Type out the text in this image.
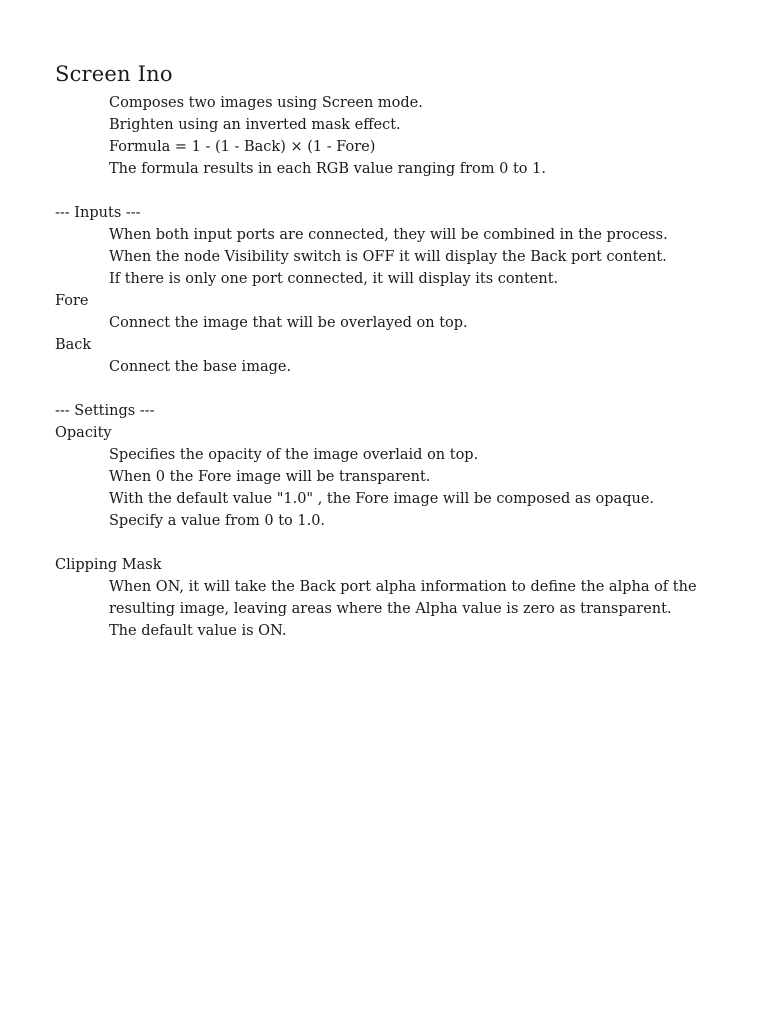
Screen Ino

Composes two images using Screen mode.

Brighten using an inverted mask effect.

Formula = 1 - (1 - Back) × (1 - Fore)

The formula results in each RGB value ranging from 0 to 1.

--- Inputs ---

When both input ports are connected, they will be combined in the process.

When the node Visibility switch is OFF it will display the Back port content.

If there is only one port connected, it will display its content.

Fore

Connect the image that will be overlayed on top.

Back

Connect the base image.

--- Settings ---

Opacity

Specifies the opacity of the image overlaid on top.

When 0 the Fore image will be transparent.

With the default value "1.0" , the Fore image will be composed as opaque.

Specify a value from 0 to 1.0.

Clipping Mask

When ON, it will take the Back port alpha information to define the alpha of the

resulting image, leaving areas where the Alpha value is zero as transparent.

The default value is ON.
